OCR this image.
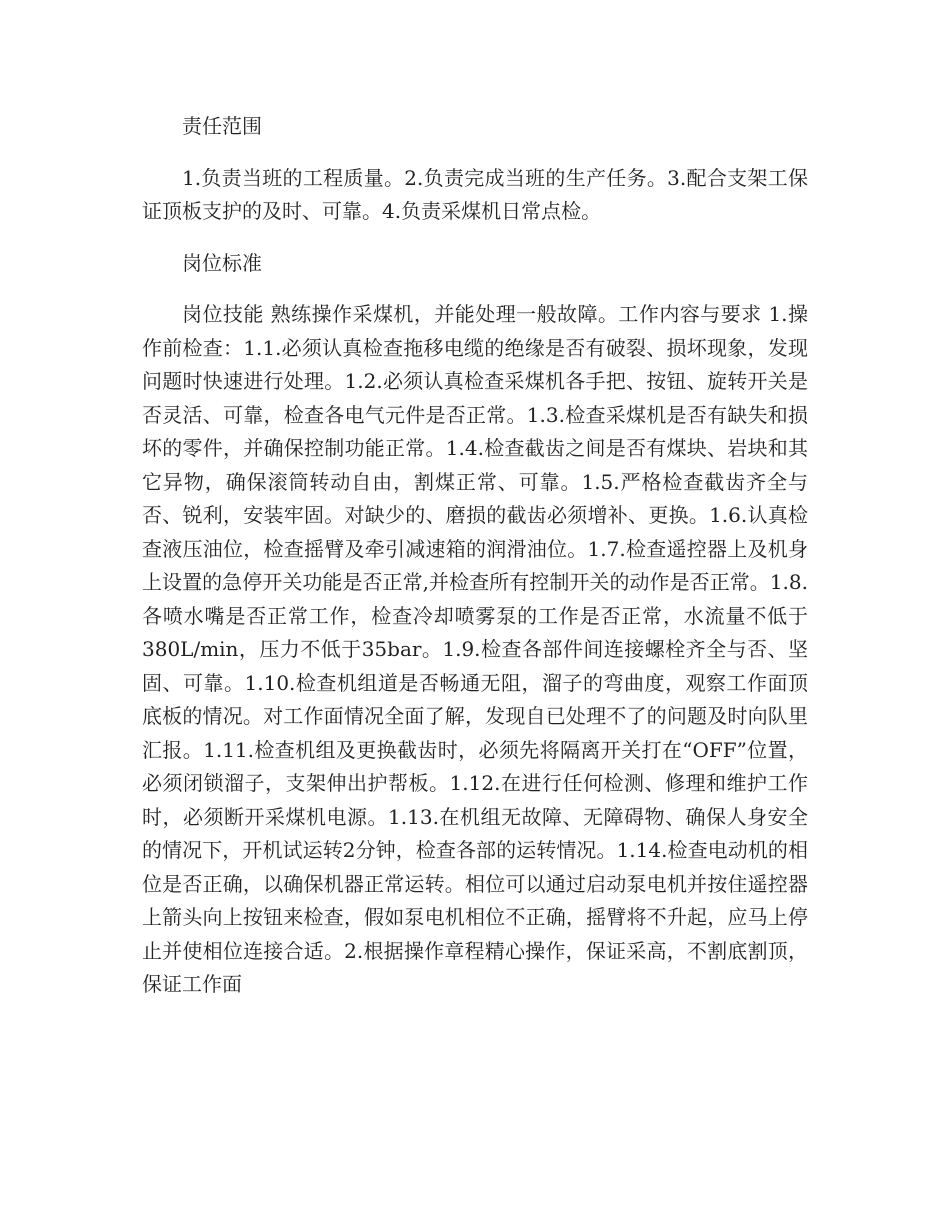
责任范围

1.负责当班的工程质量。2.负责完成当班的生产任务。3.配合支架工保证顶板支护的及时、可靠。4.负责采煤机日常点检。

岗位标准

岗位技能 熟练操作采煤机，并能处理一般故障。工作内容与要求 1.操作前检查：1.1.必须认真检查拖移电缆的绝缘是否有破裂、损坏现象，发现问题时快速进行处理。1.2.必须认真检查采煤机各手把、按钮、旋转开关是否灵活、可靠，检查各电气元件是否正常。1.3.检查采煤机是否有缺失和损坏的零件，并确保控制功能正常。1.4.检查截齿之间是否有煤块、岩块和其它异物，确保滚筒转动自由，割煤正常、可靠。1.5.严格检查截齿齐全与否、锐利，安装牢固。对缺少的、磨损的截齿必须增补、更换。1.6.认真检查液压油位，检查摇臂及牵引减速箱的润滑油位。1.7.检查遥控器上及机身上设置的急停开关功能是否正常,并检查所有控制开关的动作是否正常。1.8.各喷水嘴是否正常工作，检查冷却喷雾泵的工作是否正常，水流量不低于380L/min，压力不低于35bar。1.9.检查各部件间连接螺栓齐全与否、坚固、可靠。1.10.检查机组道是否畅通无阻，溜子的弯曲度，观察工作面顶底板的情况。对工作面情况全面了解，发现自已处理不了的问题及时向队里汇报。1.11.检查机组及更换截齿时，必须先将隔离开关打在“OFF”位置，必须闭锁溜子，支架伸出护帮板。1.12.在进行任何检测、修理和维护工作时，必须断开采煤机电源。1.13.在机组无故障、无障碍物、确保人身安全的情况下，开机试运转2分钟，检查各部的运转情况。1.14.检查电动机的相位是否正确，以确保机器正常运转。相位可以通过启动泵电机并按住遥控器上箭头向上按钮来检查，假如泵电机相位不正确，摇臂将不升起，应马上停止并使相位连接合适。2.根据操作章程精心操作，保证采高，不割底割顶，保证工作面
